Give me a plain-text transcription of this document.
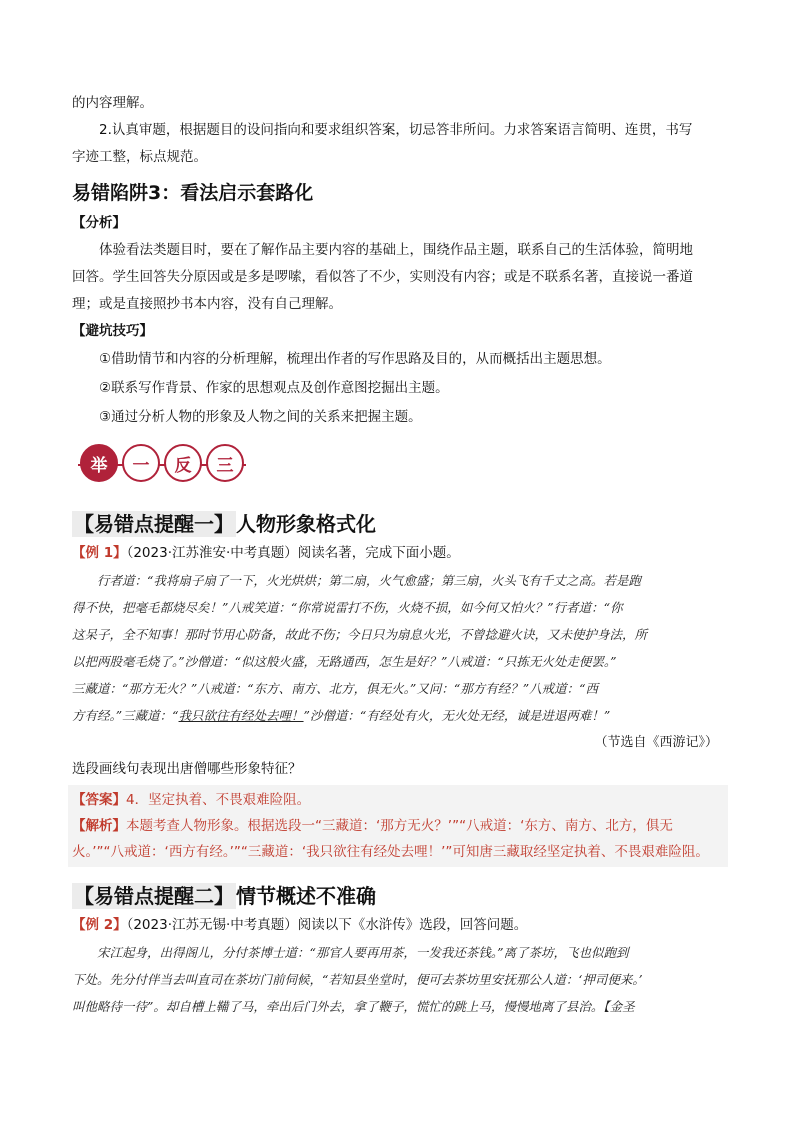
的内容理解。

2.认真审题，根据题目的设问指向和要求组织答案，切忌答非所问。力求答案语言简明、连贯，书写

字迹工整，标点规范。

易错陷阱3：看法启示套路化

【分析】

体验看法类题目时，要在了解作品主要内容的基础上，围绕作品主题，联系自己的生活体验，简明地

回答。学生回答失分原因或是多是啰嗦，看似答了不少，实则没有内容；或是不联系名著，直接说一番道

理；或是直接照抄书本内容，没有自己理解。

【避坑技巧】

①借助情节和内容的分析理解，梳理出作者的写作思路及目的，从而概括出主题思想。

②联系写作背景、作家的思想观点及创作意图挖掘出主题。

③通过分析人物的形象及人物之间的关系来把握主题。

举	一	反	三

【易错点提醒一】 人物形象格式化

【例 1】（2023·江苏淮安·中考真题）阅读名著，完成下面小题。

行者道：“我将扇子扇了一下，火光烘烘；第二扇，火气愈盛；第三扇，火头飞有千丈之高。若是跑

得不快，把毫毛都烧尽矣！”八戒笑道：“你常说雷打不伤，火烧不损，如今何又怕火？”行者道：“你

这呆子，全不知事！那时节用心防备，故此不伤；今日只为扇息火光，不曾捻避火诀，又未使护身法，所

以把两股毫毛烧了。”沙僧道：“似这般火盛，无路通西，怎生是好？”八戒道：“只拣无火处走便罢。”

三藏道：“那方无火？”八戒道：“东方、南方、北方，俱无火。”又问：“那方有经？”八戒道：“西

方有经。”三藏道：“我只欲往有经处去哩！”沙僧道：“有经处有火，无火处无经，诚是进退两难！”

（节选自《西游记》）

选段画线句表现出唐僧哪些形象特征？

【答案】4．坚定执着、不畏艰难险阻。

【解析】本题考查人物形象。根据选段一“三藏道：‘那方无火？’”“八戒道：‘东方、南方、北方，俱无

火。’”“八戒道：‘西方有经。’”“三藏道：‘我只欲往有经处去哩！’”可知唐三藏取经坚定执着、不畏艰难险阻。

【易错点提醒二】 情节概述不准确

【例 2】（2023·江苏无锡·中考真题）阅读以下《水浒传》选段，回答问题。

宋江起身，出得阁儿，分付茶博士道：“那官人要再用茶，一发我还茶钱。”离了茶坊，飞也似跑到

下处。先分付伴当去叫直司在茶坊门前伺候，“若知县坐堂时，便可去茶坊里安抚那公人道：‘押司便来。’

叫他略待一待”。却自槽上鞴了马，牵出后门外去，拿了鞭子，慌忙的跳上马，慢慢地离了县治。【金圣
